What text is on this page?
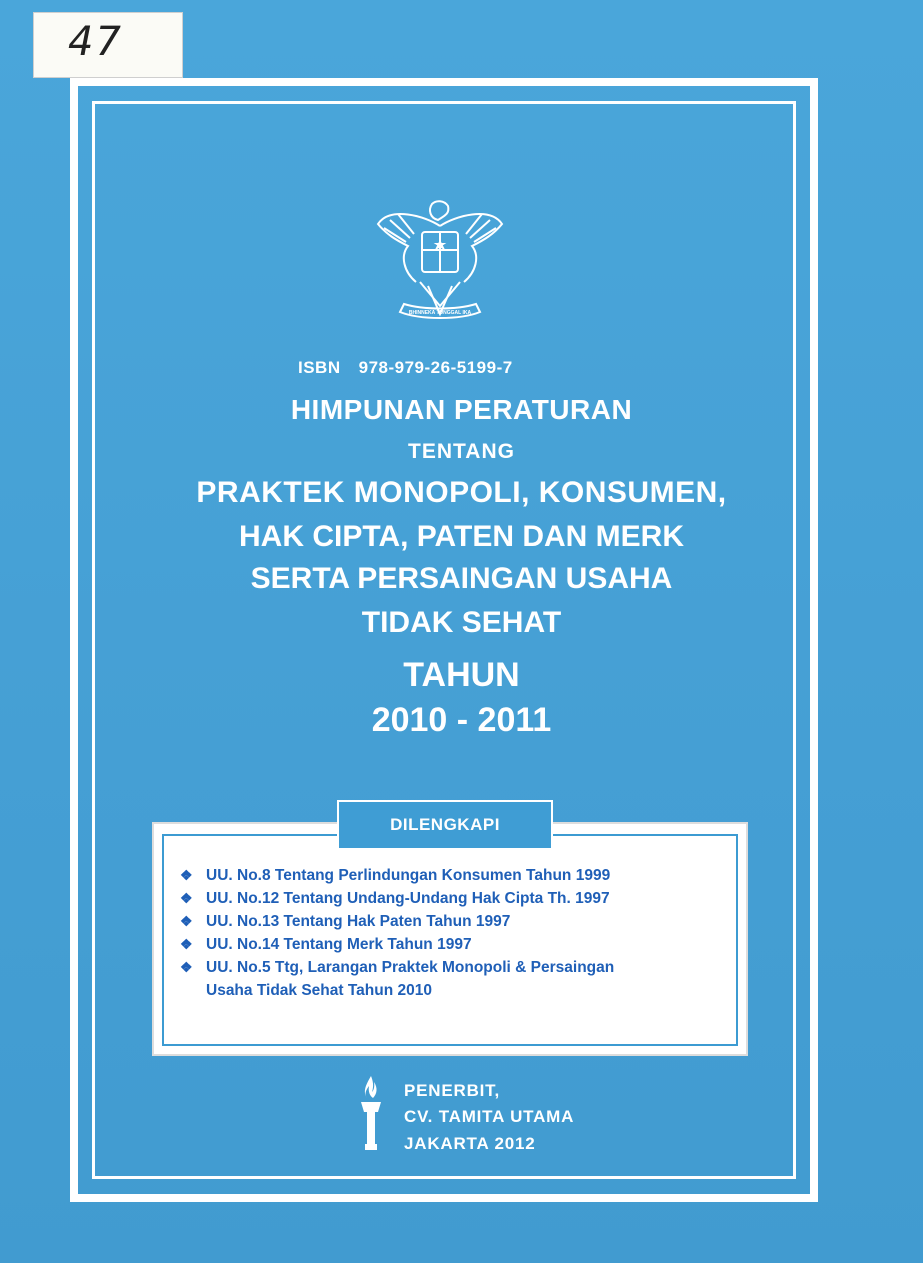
47
BHINNEKA TUNGGAL IKA
ISBN 978-979-26-5199-7
HIMPUNAN PERATURAN
TENTANG
PRAKTEK MONOPOLI, KONSUMEN,
HAK CIPTA, PATEN DAN MERK
SERTA PERSAINGAN USAHA
TIDAK SEHAT
TAHUN
2010 - 2011
DILENGKAPI
❖ UU. No.8 Tentang Perlindungan Konsumen Tahun 1999
❖ UU. No.12 Tentang Undang-Undang Hak Cipta Th. 1997
❖ UU. No.13 Tentang Hak Paten Tahun 1997
❖ UU. No.14 Tentang Merk Tahun 1997
❖ UU. No.5 Ttg, Larangan Praktek Monopoli & Persaingan
Usaha Tidak Sehat Tahun 2010
PENERBIT,
CV. TAMITA UTAMA
JAKARTA 2012
